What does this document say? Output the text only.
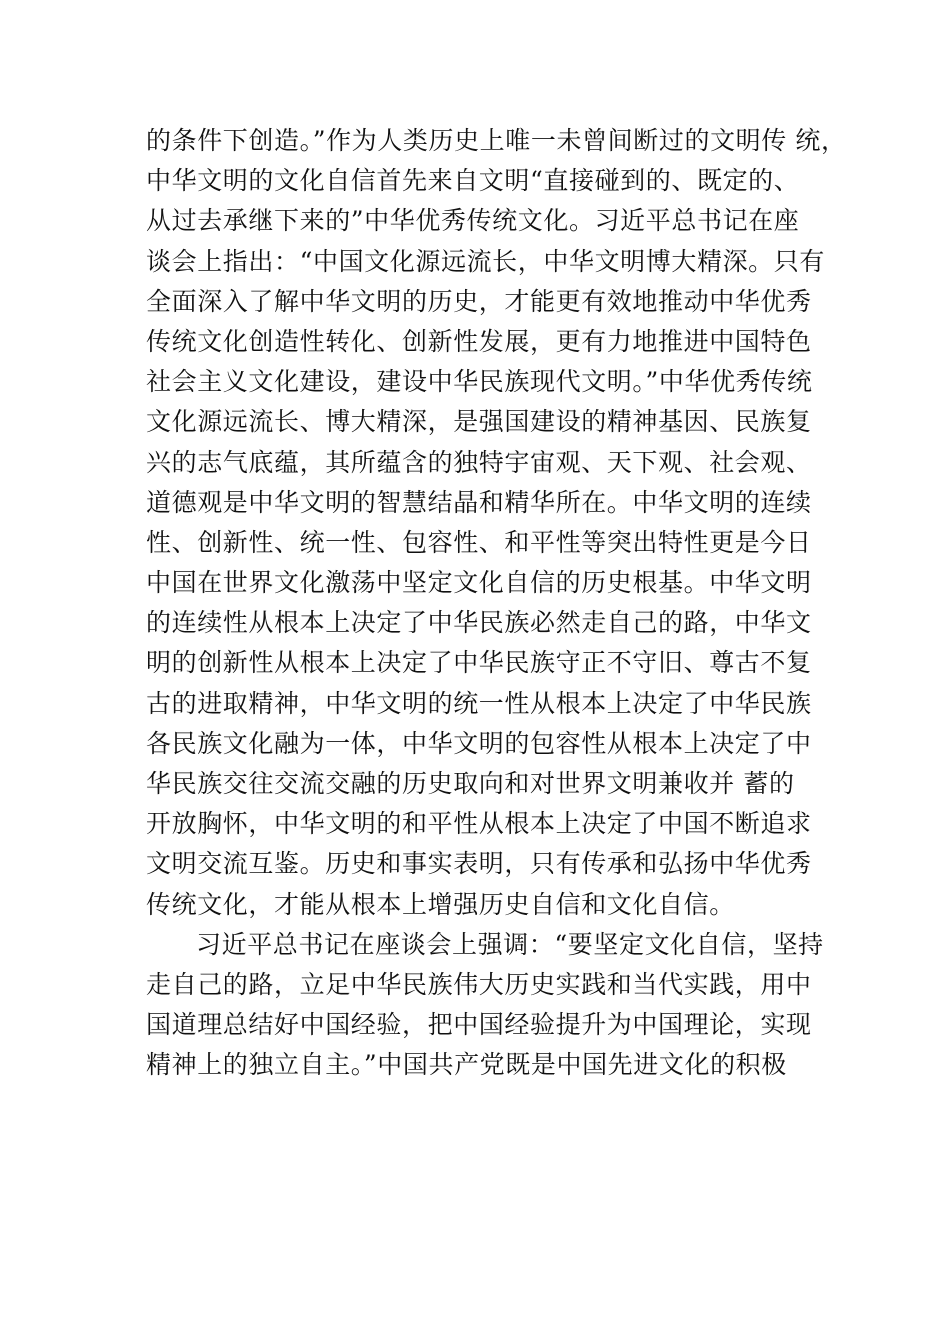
的条件下创造。”作为人类历史上唯一未曾间断过的文明传 统，
中华文明的文化自信首先来自文明“直接碰到的、既定的、
从过去承继下来的”中华优秀传统文化。习近平总书记在座
谈会上指出：“中国文化源远流长，中华文明博大精深。只有
全面深入了解中华文明的历史，才能更有效地推动中华优秀
传统文化创造性转化、创新性发展，更有力地推进中国特色
社会主义文化建设，建设中华民族现代文明。”中华优秀传统
文化源远流长、博大精深，是强国建设的精神基因、民族复
兴的志气底蕴，其所蕴含的独特宇宙观、天下观、社会观、
道德观是中华文明的智慧结晶和精华所在。中华文明的连续
性、创新性、统一性、包容性、和平性等突出特性更是今日
中国在世界文化激荡中坚定文化自信的历史根基。中华文明
的连续性从根本上决定了中华民族必然走自己的路，中华文
明的创新性从根本上决定了中华民族守正不守旧、尊古不复
古的进取精神，中华文明的统一性从根本上决定了中华民族
各民族文化融为一体，中华文明的包容性从根本上决定了中
华民族交往交流交融的历史取向和对世界文明兼收并 蓄的
开放胸怀，中华文明的和平性从根本上决定了中国不断追求
文明交流互鉴。历史和事实表明，只有传承和弘扬中华优秀
传统文化，才能从根本上增强历史自信和文化自信。
习近平总书记在座谈会上强调：“要坚定文化自信，坚持
走自己的路，立足中华民族伟大历史实践和当代实践，用中
国道理总结好中国经验，把中国经验提升为中国理论，实现
精神上的独立自主。”中国共产党既是中国先进文化的积极
